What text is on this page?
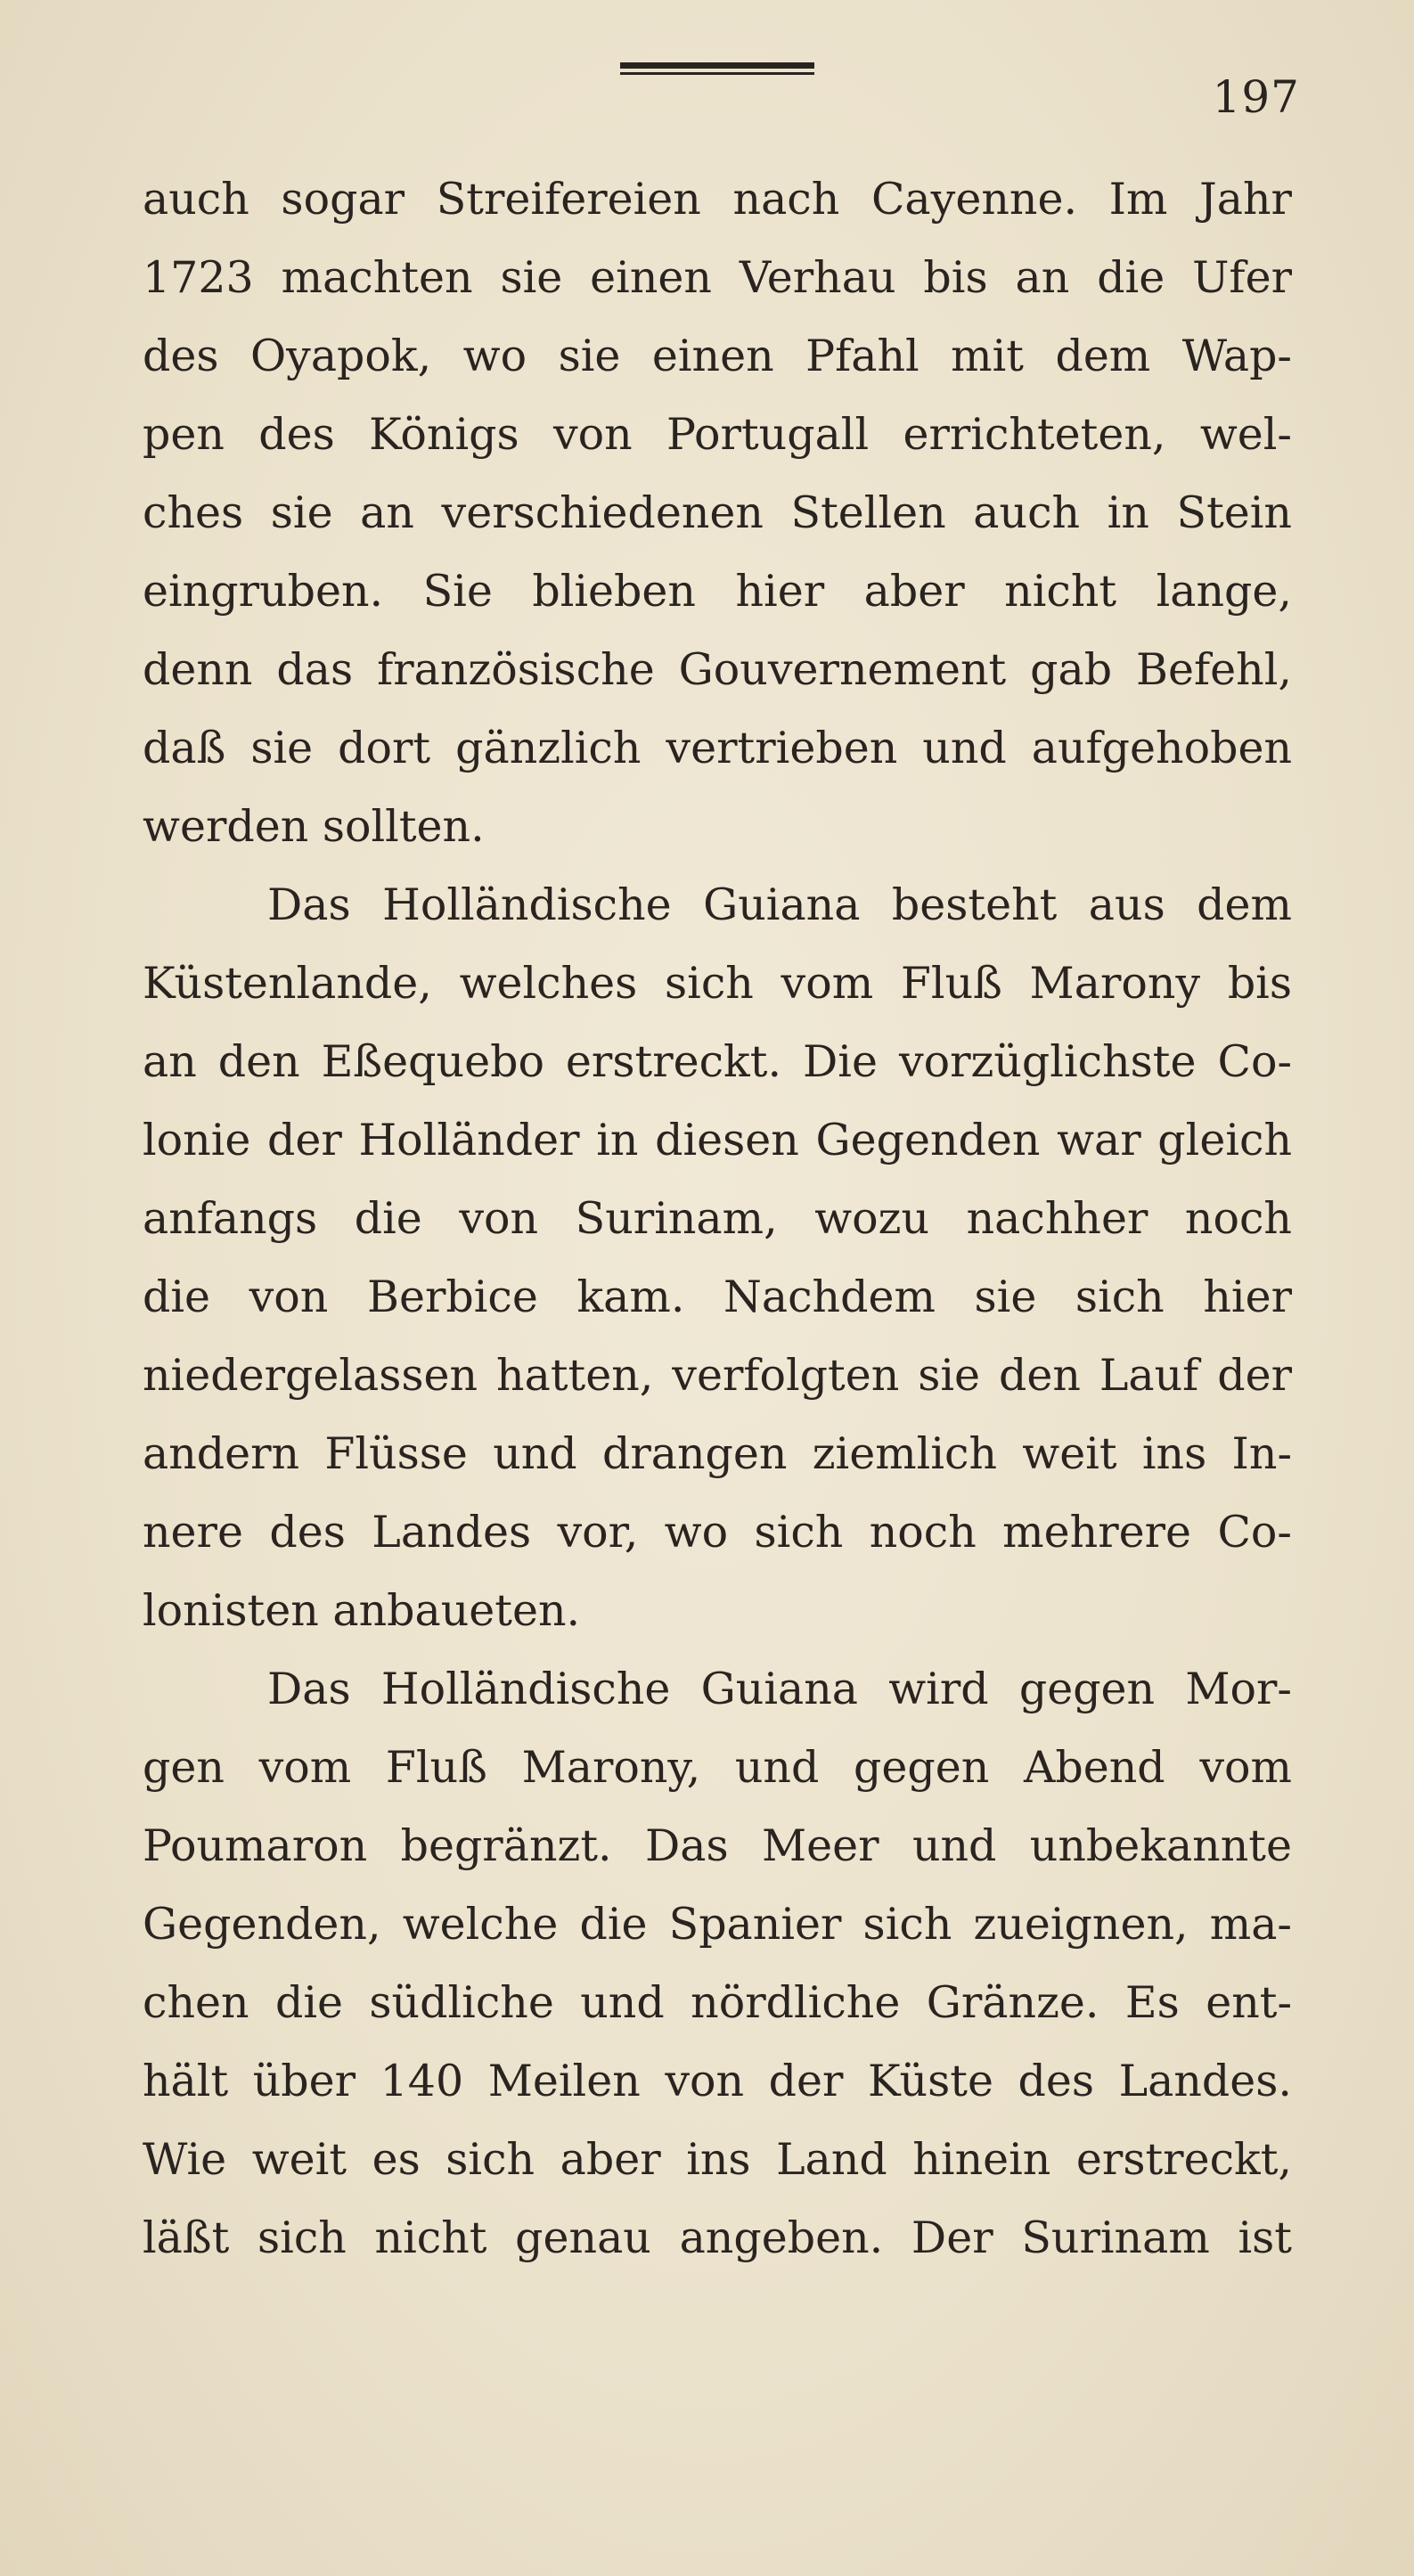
197
auch sogar Streifereien nach Cayenne. Im Jahr
1723 machten sie einen Verhau bis an die Ufer
des Oyapok, wo sie einen Pfahl mit dem Wap-
pen des Königs von Portugall errichteten, wel-
ches sie an verschiedenen Stellen auch in Stein
eingruben. Sie blieben hier aber nicht lange,
denn das französische Gouvernement gab Befehl,
daß sie dort gänzlich vertrieben und aufgehoben
werden sollten.
Das Holländische Guiana besteht aus dem
Küstenlande, welches sich vom Fluß Marony bis
an den Eßequebo erstreckt. Die vorzüglichste Co-
lonie der Holländer in diesen Gegenden war gleich
anfangs die von Surinam, wozu nachher noch
die von Berbice kam. Nachdem sie sich hier
niedergelassen hatten, verfolgten sie den Lauf der
andern Flüsse und drangen ziemlich weit ins In-
nere des Landes vor, wo sich noch mehrere Co-
lonisten anbaueten.
Das Holländische Guiana wird gegen Mor-
gen vom Fluß Marony, und gegen Abend vom
Poumaron begränzt. Das Meer und unbekannte
Gegenden, welche die Spanier sich zueignen, ma-
chen die südliche und nördliche Gränze. Es ent-
hält über 140 Meilen von der Küste des Landes.
Wie weit es sich aber ins Land hinein erstreckt,
läßt sich nicht genau angeben. Der Surinam ist
